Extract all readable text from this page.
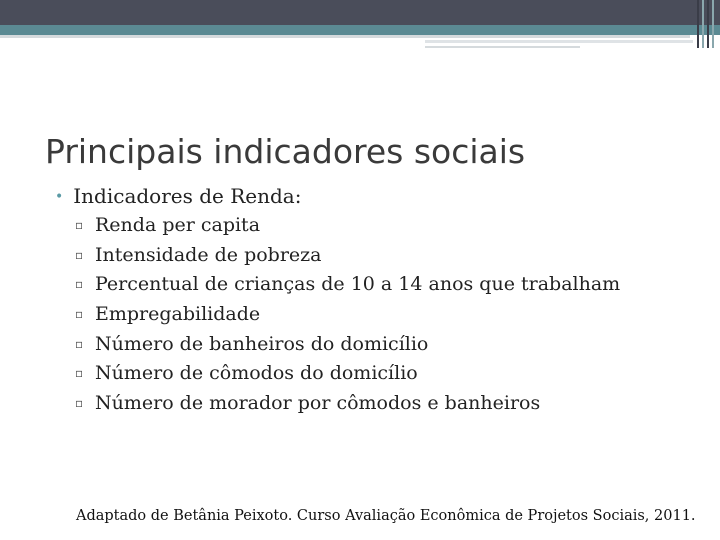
Principais indicadores sociais
• Indicadores de Renda:
▫ Renda per capita
▫ Intensidade de pobreza
▫ Percentual de crianças de 10 a 14 anos que trabalham
▫ Empregabilidade
▫ Número de banheiros do domicílio
▫ Número de cômodos do domicílio
▫ Número de morador por cômodos e banheiros
Adaptado de Betânia Peixoto. Curso Avaliação Econômica de Projetos Sociais, 2011.
